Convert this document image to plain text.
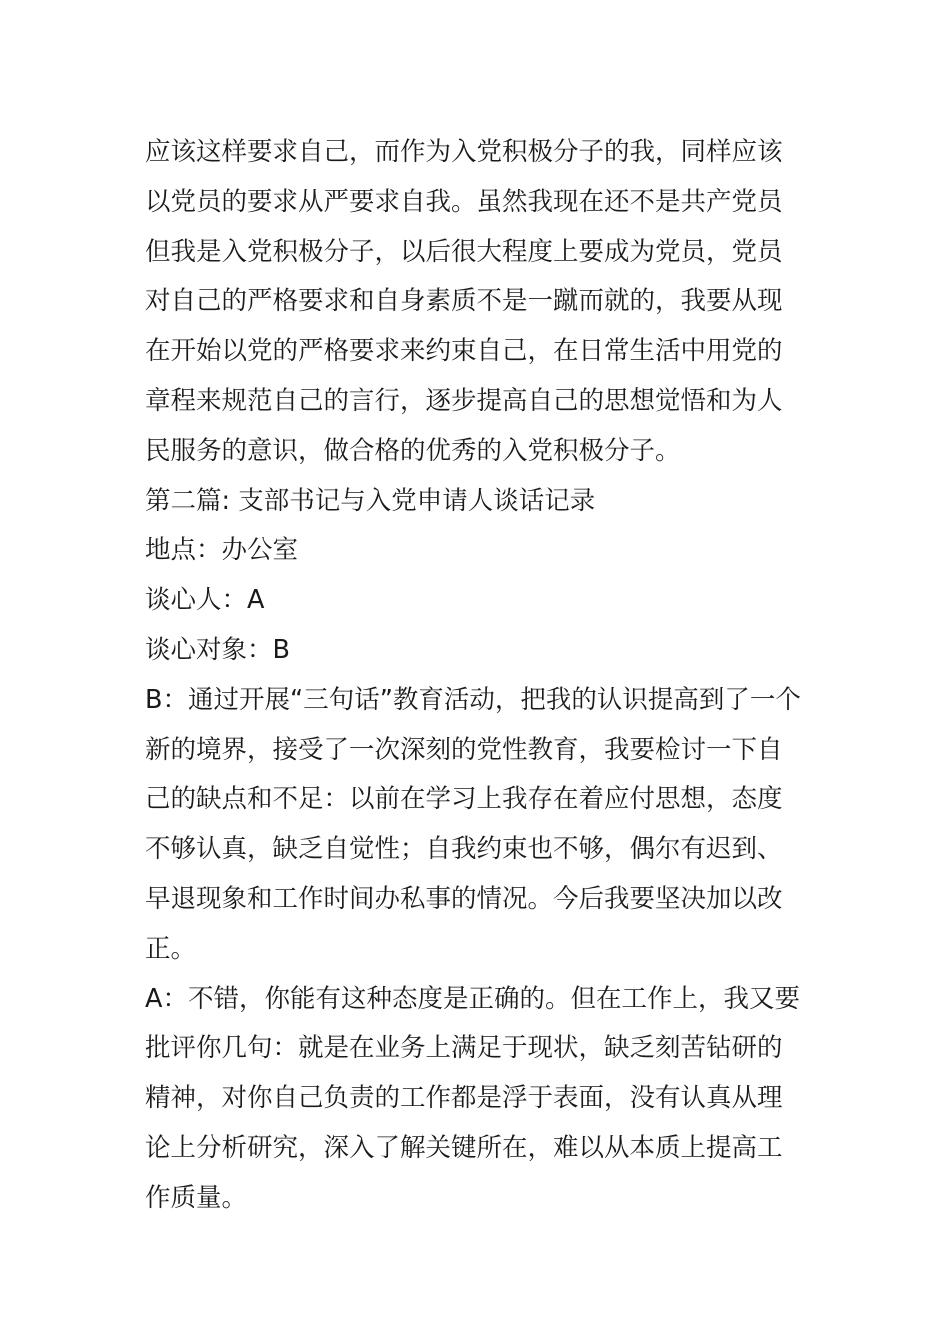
应该这样要求自己，而作为入党积极分子的我，同样应该
以党员的要求从严要求自我。虽然我现在还不是共产党员
但我是入党积极分子，以后很大程度上要成为党员，党员
对自己的严格要求和自身素质不是一蹴而就的，我要从现
在开始以党的严格要求来约束自己，在日常生活中用党的
章程来规范自己的言行，逐步提高自己的思想觉悟和为人
民服务的意识，做合格的优秀的入党积极分子。
第二篇: 支部书记与入党申请人谈话记录
地点：办公室
谈心人：A
谈心对象：B
B：通过开展“三句话”教育活动，把我的认识提高到了一个
新的境界，接受了一次深刻的党性教育，我要检讨一下自
己的缺点和不足：以前在学习上我存在着应付思想，态度
不够认真，缺乏自觉性；自我约束也不够，偶尔有迟到、
早退现象和工作时间办私事的情况。今后我要坚决加以改
正。
A：不错，你能有这种态度是正确的。但在工作上，我又要
批评你几句：就是在业务上满足于现状，缺乏刻苦钻研的
精神，对你自己负责的工作都是浮于表面，没有认真从理
论上分析研究，深入了解关键所在，难以从本质上提高工
作质量。
